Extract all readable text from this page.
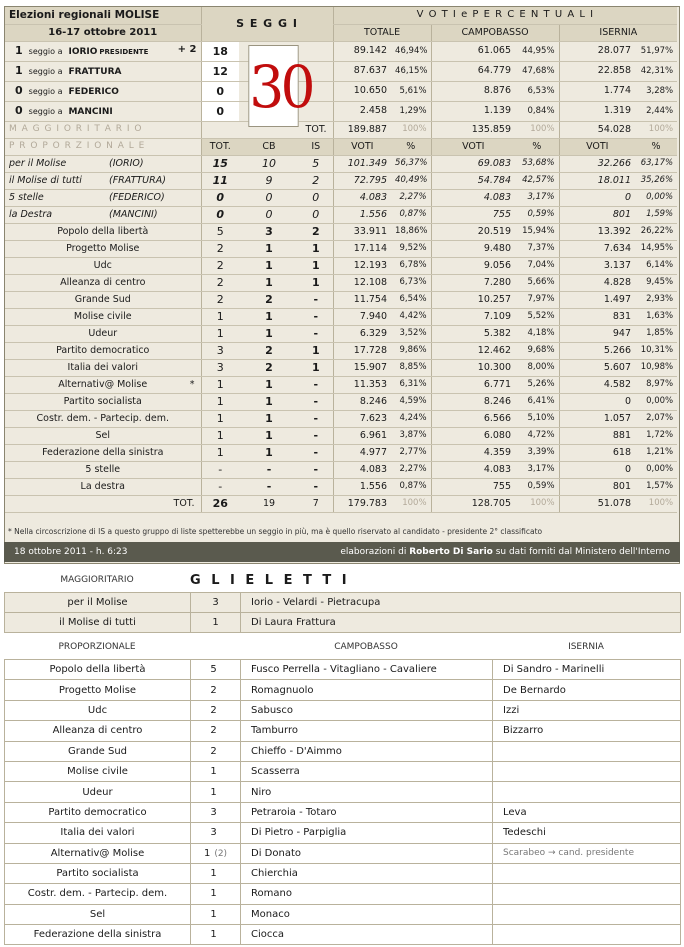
Elezioni regionali MOLISE	S E G G I			V O T I e P E R C E N T U A L I					
16-17 ottobre 2011				TOTALE		CAMPOBASSO		ISERNIA	
1 seggio a IORIO PRESIDENTE + 2	18			89.142	46,94%	61.065	44,95%	28.077	51,97%
1 seggio a FRATTURA	12			87.637	46,15%	64.779	47,68%	22.858	42,31%
0 seggio a FEDERICO	0			10.650	5,61%	8.876	6,53%	1.774	3,28%
0 seggio a MANCINI	0			2.458	1,29%	1.139	0,84%	1.319	2,44%
M A G G I O R I T A R I O	TOT.			189.887	100%	135.859	100%	54.028	100%
P R O P O R Z I O N A L E	TOT.	CB	IS	VOTI	%	VOTI	%	VOTI	%
per il Molise (IORIO)	15	10	5	101.349	56,37%	69.083	53,68%	32.266	63,17%
il Molise di tutti (FRATTURA)	11	9	2	72.795	40,49%	54.784	42,57%	18.011	35,26%
5 stelle (FEDERICO)	0	0	0	4.083	2,27%	4.083	3,17%	0	0,00%
la Destra (MANCINI)	0	0	0	1.556	0,87%	755	0,59%	801	1,59%
Popolo della libertà	5	3	2	33.911	18,86%	20.519	15,94%	13.392	26,22%
Progetto Molise	2	1	1	17.114	9,52%	9.480	7,37%	7.634	14,95%
Udc	2	1	1	12.193	6,78%	9.056	7,04%	3.137	6,14%
Alleanza di centro	2	1	1	12.108	6,73%	7.280	5,66%	4.828	9,45%
Grande Sud	2	2	-	11.754	6,54%	10.257	7,97%	1.497	2,93%
Molise civile	1	1	-	7.940	4,42%	7.109	5,52%	831	1,63%
Udeur	1	1	-	6.329	3,52%	5.382	4,18%	947	1,85%
Partito democratico	3	2	1	17.728	9,86%	12.462	9,68%	5.266	10,31%
Italia dei valori	3	2	1	15.907	8,85%	10.300	8,00%	5.607	10,98%
Alternativ@ Molise *	1	1	-	11.353	6,31%	6.771	5,26%	4.582	8,97%
Partito socialista	1	1	-	8.246	4,59%	8.246	6,41%	0	0,00%
Costr. dem. - Partecip. dem.	1	1	-	7.623	4,24%	6.566	5,10%	1.057	2,07%
Sel	1	1	-	6.961	3,87%	6.080	4,72%	881	1,72%
Federazione della sinistra	1	1	-	4.977	2,77%	4.359	3,39%	618	1,21%
5 stelle	-	-	-	4.083	2,27%	4.083	3,17%	0	0,00%
La destra	-	-	-	1.556	0,87%	755	0,59%	801	1,57%
TOT.	26	19	7	179.783	100%	128.705	100%	51.078	100%
30
* Nella circoscrizione di IS a questo gruppo di liste spetterebbe un seggio in più, ma è quello riservato al candidato - presidente 2° classificato
18 ottobre 2011 - h. 6:23	elaborazioni di Roberto Di Sario su dati forniti dal Ministero dell'Interno
MAGGIORITARIO	G L I E L E T T I
per il Molise	3	Iorio - Velardi - Pietracupa
il Molise di tutti	1	Di Laura Frattura
PROPORZIONALE		CAMPOBASSO	ISERNIA
Popolo della libertà	5	Fusco Perrella - Vitagliano - Cavaliere	Di Sandro - Marinelli
Progetto Molise	2	Romagnuolo	De Bernardo
Udc	2	Sabusco	Izzi
Alleanza di centro	2	Tamburro	Bizzarro
Grande Sud	2	Chieffo - D'Aimmo	
Molise civile	1	Scasserra	
Udeur	1	Niro	
Partito democratico	3	Petraroia - Totaro	Leva
Italia dei valori	3	Di Pietro - Parpiglia	Tedeschi
Alternativ@ Molise	1 (2)	Di Donato	Scarabeo → cand. presidente
Partito socialista	1	Chierchia	
Costr. dem. - Partecip. dem.	1	Romano	
Sel	1	Monaco	
Federazione della sinistra	1	Ciocca	
